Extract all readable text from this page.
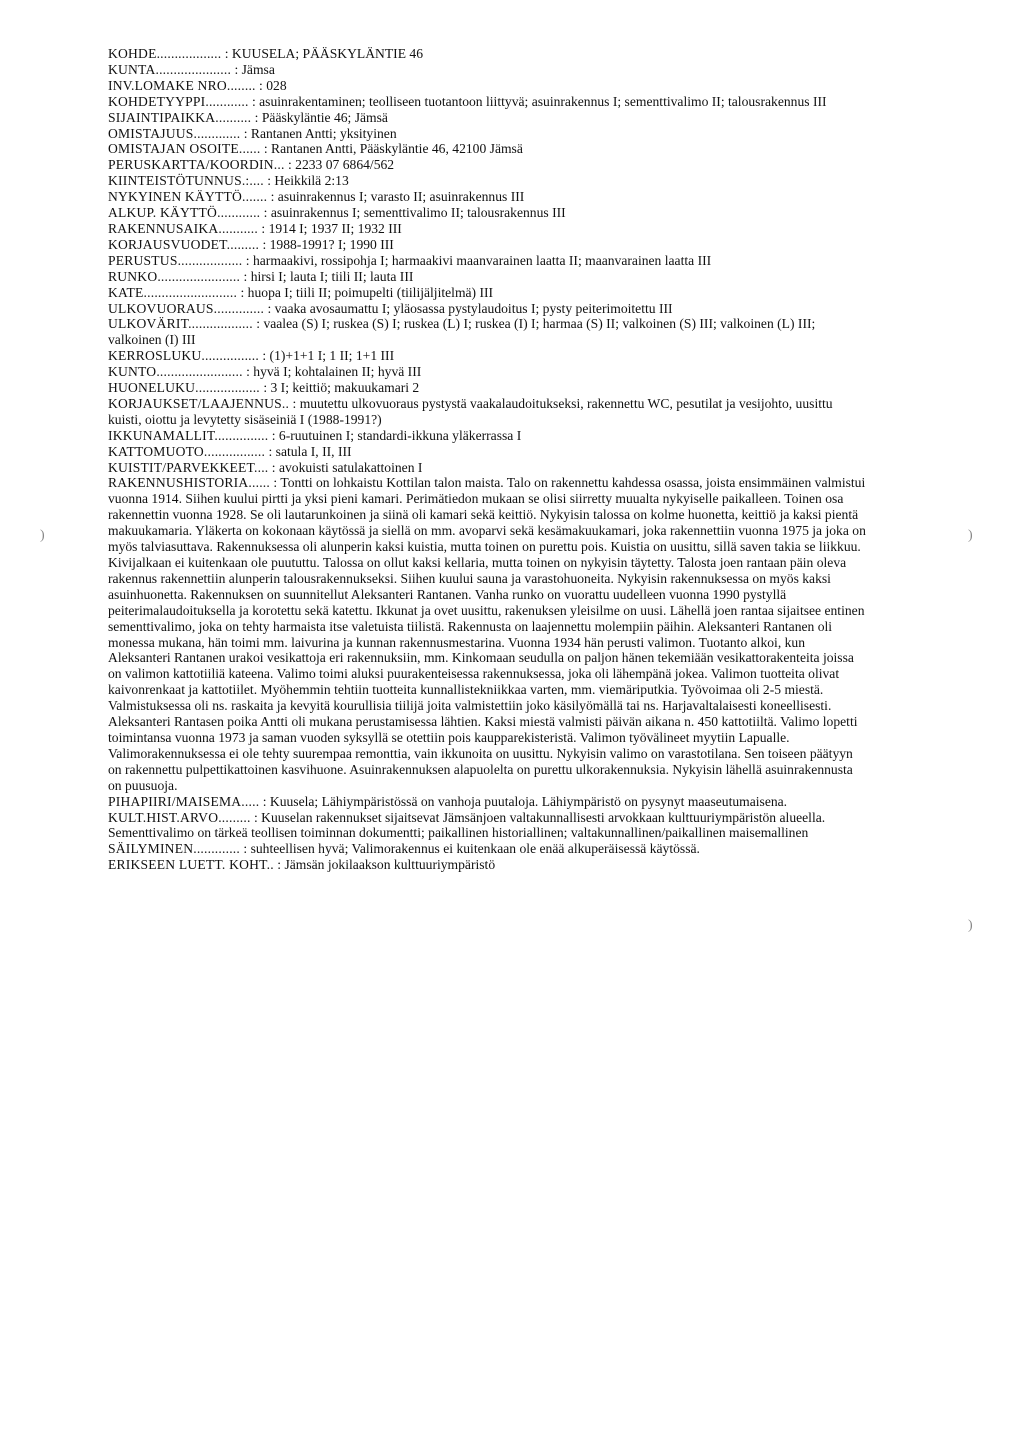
KOHDE.................. : KUUSELA; PÄÄSKYLÄNTIE 46
KUNTA..................... : Jämsa
INV.LOMAKE NRO........ : 028
KOHDETYYPPI............ : asuinrakentaminen; teolliseen tuotantoon liittyvä; asuinrakennus I; sementtivalimo II; talousrakennus III
SIJAINTIPAIKKA.......... : Pääskyläntie 46; Jämsä
OMISTAJUUS............. : Rantanen Antti; yksityinen
OMISTAJAN OSOITE...... : Rantanen Antti, Pääskyläntie 46, 42100 Jämsä
PERUSKARTTA/KOORDIN... : 2233 07 6864/562
KIINTEISTÖTUNNUS.:.... : Heikkilä 2:13
NYKYINEN KÄYTTÖ....... : asuinrakennus I; varasto II; asuinrakennus III
ALKUP. KÄYTTÖ............ : asuinrakennus I; sementtivalimo II; talousrakennus III
RAKENNUSAIKA........... : 1914 I; 1937 II; 1932 III
KORJAUSVUODET......... : 1988-1991? I; 1990 III
PERUSTUS.................. : harmaakivi, rossipohja I; harmaakivi maanvarainen laatta II; maanvarainen laatta III
RUNKO....................... : hirsi I; lauta I; tiili II; lauta III
KATE.......................... : huopa I; tiili II; poimupelti (tiilijäljitelmä) III
ULKOVUORAUS.............. : vaaka avosaumattu I; yläosassa pystylaudoitus I; pysty peiterimoitettu III
ULKOVÄRIT.................. : vaalea (S) I; ruskea (S) I; ruskea (L) I; ruskea (I) I; harmaa (S) II; valkoinen (S) III; valkoinen (L) III; valkoinen (I) III
KERROSLUKU................ : (1)+1+1 I; 1 II; 1+1 III
KUNTO........................ : hyvä I; kohtalainen II; hyvä III
HUONELUKU.................. : 3 I; keittiö; makuukamari 2
KORJAUKSET/LAAJENNUS.. : muutettu ulkovuoraus pystystä vaakalaudoitukseksi, rakennettu WC, pesutilat ja vesijohto, uusittu kuisti, oiottu ja levytetty sisäseiniä I (1988-1991?)
IKKUNAMALLIT............... : 6-ruutuinen I; standardi-ikkuna yläkerrassa I
KATTOMUOTO................. : satula I, II, III
KUISTIT/PARVEKKEET.... : avokuisti satulakattoinen I
RAKENNUSHISTORIA...... : Tontti on lohkaistu Kottilan talon maista. Talo on rakennettu kahdessa osassa, joista ensimmäinen valmistui vuonna 1914. Siihen kuului pirtti ja yksi pieni kamari. Perimätiedon mukaan se olisi siirretty muualta nykyiselle paikalleen. Toinen osa rakennettin vuonna 1928. Se oli lautarunkoinen ja siinä oli kamari sekä keittiö. Nykyisin talossa on kolme huonetta, keittiö ja kaksi pientä makuukamaria. Yläkerta on kokonaan käytössä ja siellä on mm. avoparvi sekä kesämakuukamari, joka rakennettiin vuonna 1975 ja joka on myös talviasuttava. Rakennuksessa oli alunperin kaksi kuistia, mutta toinen on purettu pois. Kuistia on uusittu, sillä saven takia se liikkuu. Kivijalkaan ei kuitenkaan ole puututtu. Talossa on ollut kaksi kellaria, mutta toinen on nykyisin täytetty. Talosta joen rantaan päin oleva rakennus rakennettiin alunperin talousrakennukseksi. Siihen kuului sauna ja varastohuoneita. Nykyisin rakennuksessa on myös kaksi asuinhuonetta. Rakennuksen on suunnitellut Aleksanteri Rantanen. Vanha runko on vuorattu uudelleen vuonna 1990 pystyllä peiterimalaudoituksella ja korotettu sekä katettu. Ikkunat ja ovet uusittu, rakenuksen yleisilme on uusi. Lähellä joen rantaa sijaitsee entinen sementtivalimo, joka on tehty harmaista itse valetuista tiilistä. Rakennusta on laajennettu molempiin päihin. Aleksanteri Rantanen oli monessa mukana, hän toimi mm. laivurina ja kunnan rakennusmestarina. Vuonna 1934 hän perusti valimon. Tuotanto alkoi, kun Aleksanteri Rantanen urakoi vesikattoja eri rakennuksiin, mm. Kinkomaan seudulla on paljon hänen tekemiään vesikattorakenteita joissa on valimon kattotiiliä kateena. Valimo toimi aluksi puurakenteisessa rakennuksessa, joka oli lähempänä jokea. Valimon tuotteita olivat kaivonrenkaat ja kattotiilet. Myöhemmin tehtiin tuotteita kunnallistekniikkaa varten, mm. viemäriputkia. Työvoimaa oli 2-5 miestä. Valmistuksessa oli ns. raskaita ja kevyitä kourullisia tiilijä joita valmistettiin joko käsilyömällä tai ns. Harjavaltalaisesti koneellisesti. Aleksanteri Rantasen poika Antti oli mukana perustamisessa lähtien. Kaksi miestä valmisti päivän aikana n. 450 kattotiiltä. Valimo lopetti toimintansa vuonna 1973 ja saman vuoden syksyllä se otettiin pois kaupparekisteristä. Valimon työvälineet myytiin Lapualle. Valimorakennuksessa ei ole tehty suurempaa remonttia, vain ikkunoita on uusittu. Nykyisin valimo on varastotilana. Sen toiseen päätyyn on rakennettu pulpettikattoinen kasvihuone. Asuinrakennuksen alapuolelta on purettu ulkorakennuksia. Nykyisin lähellä asuinrakennusta on puusuoja.
PIHAPIIRI/MAISEMA..... : Kuusela; Lähiympäristössä on vanhoja puutaloja. Lähiympäristö on pysynyt maaseutumaisena.
KULT.HIST.ARVO......... : Kuuselan rakennukset sijaitsevat Jämsänjoen valtakunnallisesti arvokkaan kulttuuriympäristön alueella. Sementtivalimo on tärkeä teollisen toiminnan dokumentti; paikallinen historiallinen; valtakunnallinen/paikallinen maisemallinen
SÄILYMINEN............. : suhteellisen hyvä; Valimorakennus ei kuitenkaan ole enää alkuperäisessä käytössä.
ERIKSEEN LUETT. KOHT.. : Jämsän jokilaakson kulttuuriympäristö
)	)
)
